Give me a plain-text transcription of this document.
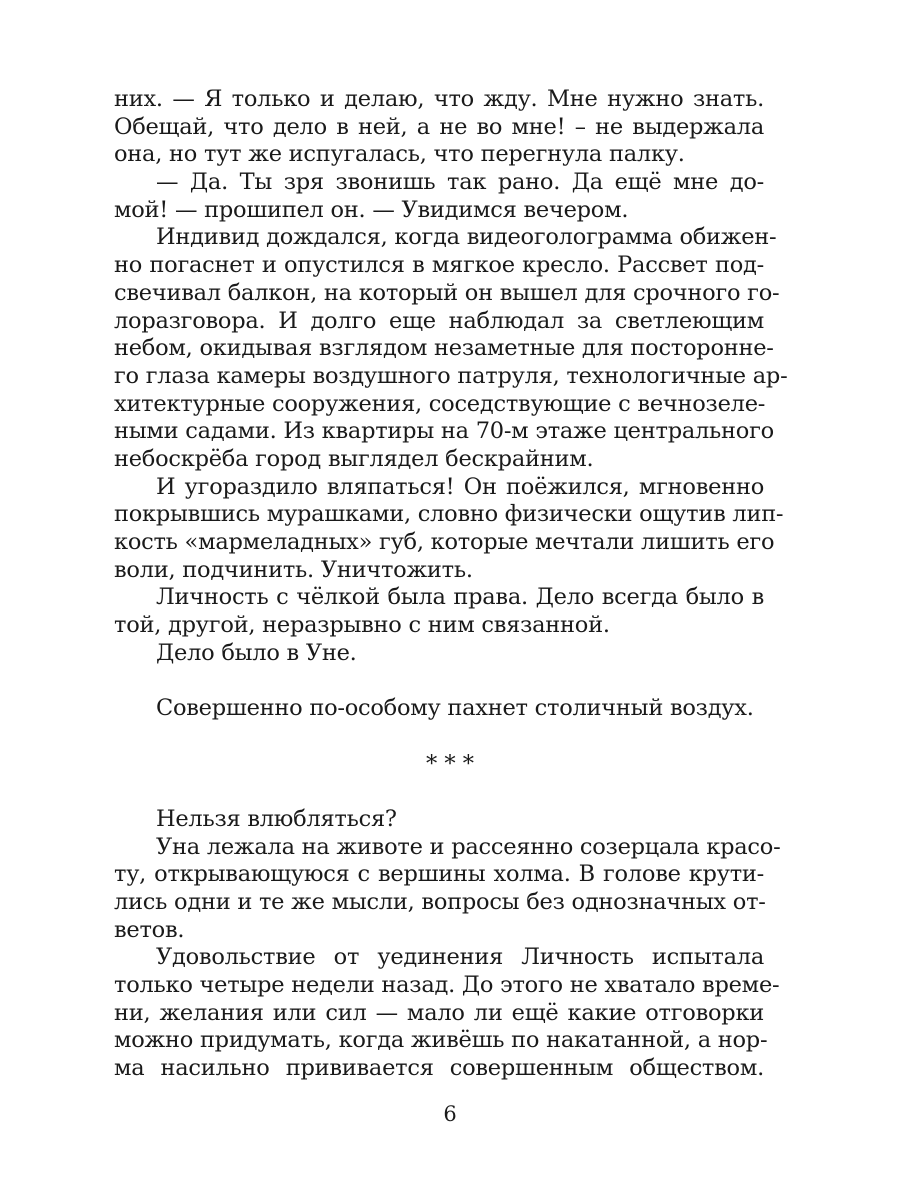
них. — Я только и делаю, что жду. Мне нужно знать.
Обещай, что дело в ней, а не во мне! – не выдержала
она, но тут же испугалась, что перегнула палку.
— Да. Ты зря звонишь так рано. Да ещё мне до-
мой! — прошипел он. — Увидимся вечером.
Индивид дождался, когда видеоголограмма обижен-
но погаснет и опустился в мягкое кресло. Рассвет под-
свечивал балкон, на который он вышел для срочного го-
лоразговора. И долго еще наблюдал за светлеющим
небом, окидывая взглядом незаметные для посторонне-
го глаза камеры воздушного патруля, технологичные ар-
хитектурные сооружения, соседствующие с вечнозеле-
ными садами. Из квартиры на 70-м этаже центрального
небоскрёба город выглядел бескрайним.
И угораздило вляпаться! Он поёжился, мгновенно
покрывшись мурашками, словно физически ощутив лип-
кость «мармеладных» губ, которые мечтали лишить его
воли, подчинить. Уничтожить.
Личность с чёлкой была права. Дело всегда было в
той, другой, неразрывно с ним связанной.
Дело было в Уне.
Совершенно по-особому пахнет столичный воздух.
* * *
Нельзя влюбляться?
Уна лежала на животе и рассеянно созерцала красо-
ту, открывающуюся с вершины холма. В голове крути-
лись одни и те же мысли, вопросы без однозначных от-
ветов.
Удовольствие от уединения Личность испытала
только четыре недели назад. До этого не хватало време-
ни, желания или сил — мало ли ещё какие отговорки
можно придумать, когда живёшь по накатанной, а нор-
ма насильно прививается совершенным обществом.
6
